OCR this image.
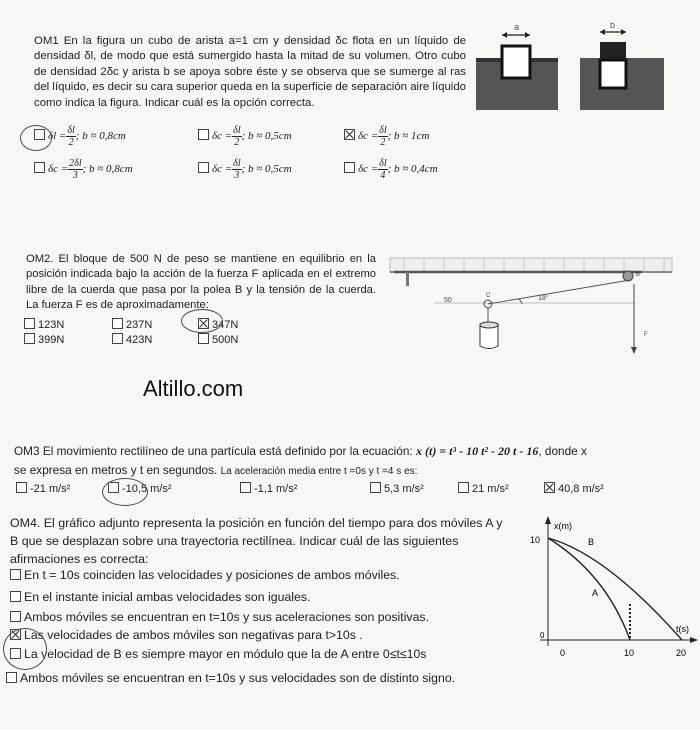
OM1 En la figura un cubo de arista a=1 cm y densidad δc flota en un líquido de densidad δl, de modo que está sumergido hasta la mitad de su volumen. Otro cubo de densidad 2δc y arista b se apoya sobre éste y se observa que se sumerge al ras del líquido, es decir su cara superior queda en la superficie de separación aire líquido como indica la figura. Indicar cuál es la opción correcta.
a	b
$\delta l = \frac{\delta l}{2}$ ; b ≈ 0,8cm	$\delta c = \frac{\delta l}{2}$ ; b ≈ 0,5cm	$\delta c = \frac{\delta l}{2}$ ; b ≈ 1cm
$\delta c = \frac{2\delta l}{3}$ ; b ≈ 0,8cm	$\delta c = \frac{\delta l}{3}$ ; b ≈ 0,5cm	$\delta c = \frac{\delta l}{4}$ ; b ≈ 0,4cm
OM2. El bloque de 500 N de peso se mantiene en equilibrio en la posición indicada bajo la acción de la fuerza F aplicada en el extremo libre de la cuerda que pasa por la polea B y la tensión de la cuerda. La fuerza F es de aproximadamente:
123N	237N	347N
399N	423N	500N
B
50
C	18°
F
Altillo.com
OM3 El movimiento rectilíneo de una partícula está definido por la ecuación: x (t) = t³ - 10 t² - 20 t - 16, donde x
se expresa en metros y t en segundos. La aceleración media entre t =0s y t =4 s es:
-21 m/s²	-10,5 m/s²	-1,1 m/s²	5,3 m/s²	21 m/s²	40,8 m/s²
OM4. El gráfico adjunto representa la posición en función del tiempo para dos móviles A y B que se desplazan sobre una trayectoria rectilínea. Indicar cuál de las siguientes afirmaciones es correcta:
En t = 10s coinciden las velocidades y posiciones de ambos móviles.
En el instante inicial ambas velocidades son iguales.
Ambos móviles se encuentran en t=10s y sus aceleraciones son positivas.
Las velocidades de ambos móviles son negativas para t>10s .
La velocidad de B es siempre mayor en módulo que la de A entre 0≤t≤10s
Ambos móviles se encuentran en t=10s y sus velocidades son de distinto signo.
x(m)
t(s)
10
0
0	10	20
B
A
